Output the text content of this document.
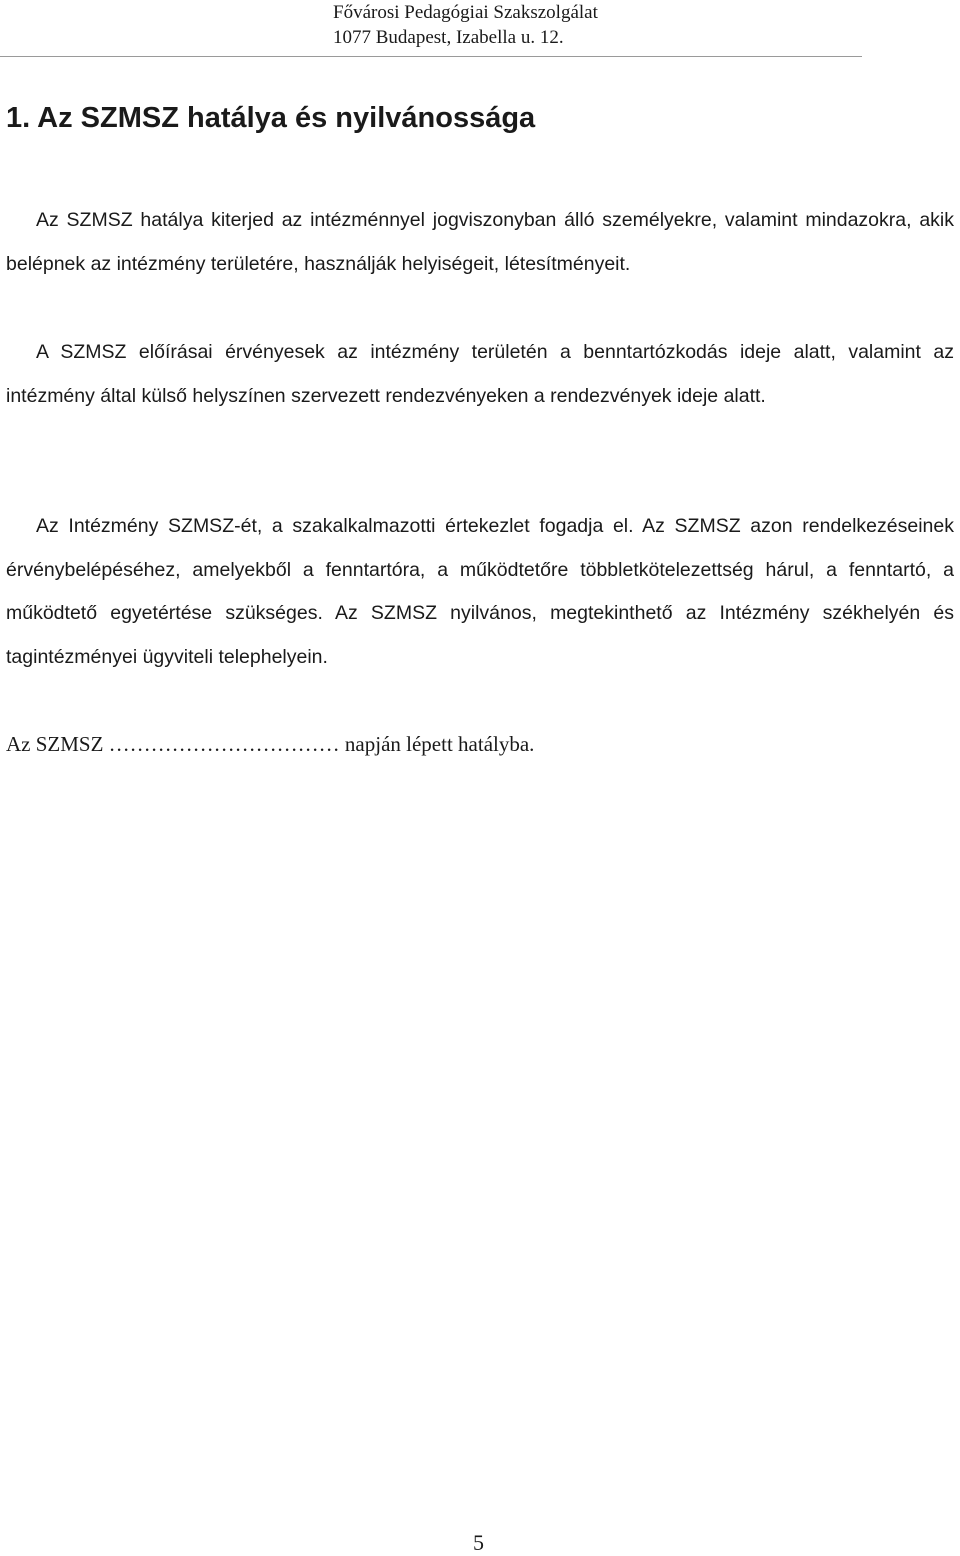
Fővárosi Pedagógiai Szakszolgálat
1077 Budapest, Izabella u. 12.
1. Az SZMSZ hatálya és nyilvánossága

Az SZMSZ hatálya kiterjed az intézménnyel jogviszonyban álló személyekre, valamint mindazokra, akik belépnek az intézmény területére, használják helyiségeit, létesítményeit.

A SZMSZ előírásai érvényesek az intézmény területén a benntartózkodás ideje alatt, valamint az intézmény által külső helyszínen szervezett rendezvényeken a rendezvények ideje alatt.

Az Intézmény SZMSZ-ét, a szakalkalmazotti értekezlet fogadja el. Az SZMSZ azon rendelkezéseinek érvénybelépéséhez, amelyekből a fenntartóra, a működtetőre többletkötelezettség hárul, a fenntartó, a működtető egyetértése szükséges. Az SZMSZ nyilvános, megtekinthető az Intézmény székhelyén és tagintézményei ügyviteli telephelyein.

Az SZMSZ …………………………… napján lépett hatályba.
5
